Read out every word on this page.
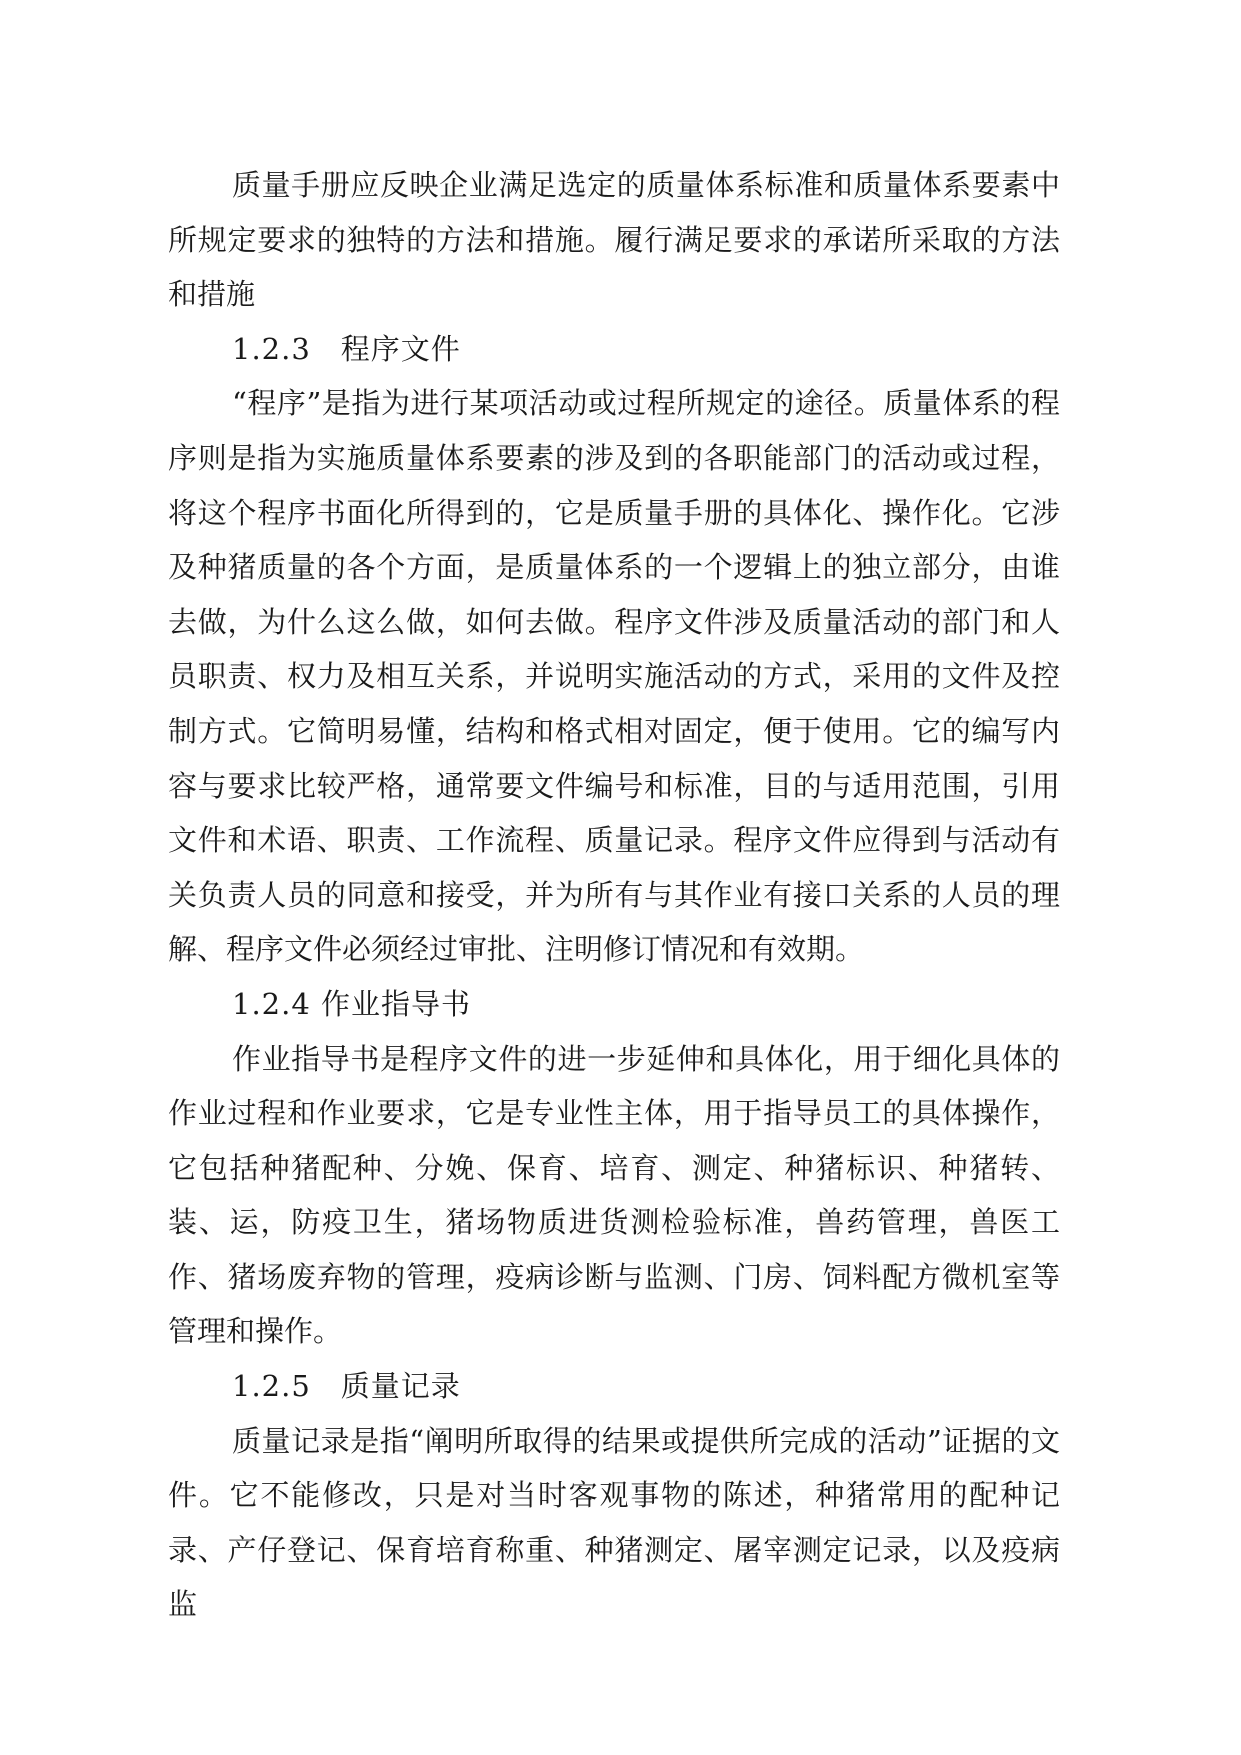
质量手册应反映企业满足选定的质量体系标准和质量体系要素中所规定要求的独特的方法和措施。履行满足要求的承诺所采取的方法和措施

1.2.3　程序文件

“程序”是指为进行某项活动或过程所规定的途径。质量体系的程序则是指为实施质量体系要素的涉及到的各职能部门的活动或过程，将这个程序书面化所得到的，它是质量手册的具体化、操作化。它涉及种猪质量的各个方面，是质量体系的一个逻辑上的独立部分，由谁去做，为什么这么做，如何去做。程序文件涉及质量活动的部门和人员职责、权力及相互关系，并说明实施活动的方式，采用的文件及控制方式。它简明易懂，结构和格式相对固定，便于使用。它的编写内容与要求比较严格，通常要文件编号和标准，目的与适用范围，引用文件和术语、职责、工作流程、质量记录。程序文件应得到与活动有关负责人员的同意和接受，并为所有与其作业有接口关系的人员的理解、程序文件必须经过审批、注明修订情况和有效期。

1.2.4 作业指导书

作业指导书是程序文件的进一步延伸和具体化，用于细化具体的作业过程和作业要求，它是专业性主体，用于指导员工的具体操作，它包括种猪配种、分娩、保育、培育、测定、种猪标识、种猪转、装、运，防疫卫生，猪场物质进货测检验标准，兽药管理，兽医工作、猪场废弃物的管理，疫病诊断与监测、门房、饲料配方微机室等管理和操作。

1.2.5　质量记录

质量记录是指“阐明所取得的结果或提供所完成的活动”证据的文件。它不能修改，只是对当时客观事物的陈述，种猪常用的配种记录、产仔登记、保育培育称重、种猪测定、屠宰测定记录，以及疫病监
